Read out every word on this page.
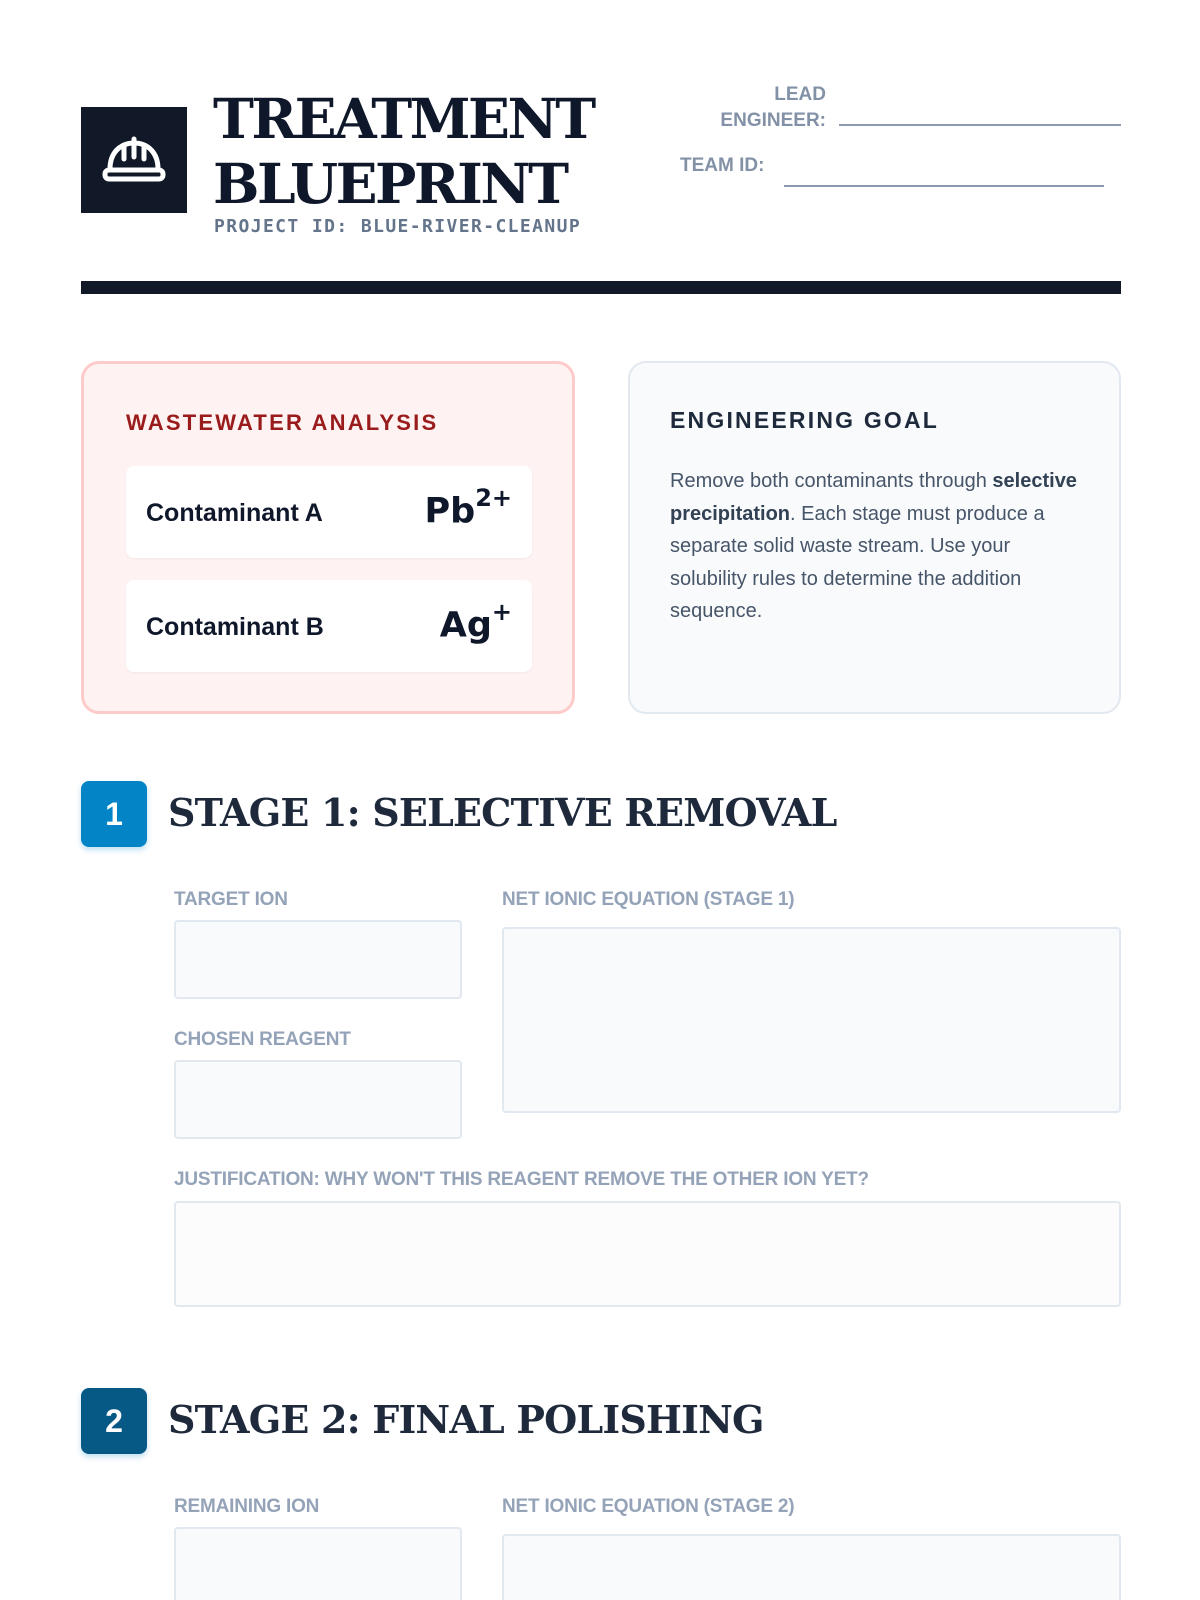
TREATMENT
BLUEPRINT
PROJECT ID: BLUE-RIVER-CLEANUP
LEAD
ENGINEER:
TEAM ID:
WASTEWATER ANALYSIS
Contaminant A	$Pb^{2+}$
Contaminant B	Ag+
ENGINEERING GOAL
Remove both contaminants through selective precipitation. Each stage must produce a separate solid waste stream. Use your solubility rules to determine the addition sequence.
1	STAGE 1: SELECTIVE REMOVAL
TARGET ION
CHOSEN REAGENT
NET IONIC EQUATION (STAGE 1)
JUSTIFICATION: WHY WON'T THIS REAGENT REMOVE THE OTHER ION YET?
2	STAGE 2: FINAL POLISHING
REMAINING ION	NET IONIC EQUATION (STAGE 2)
